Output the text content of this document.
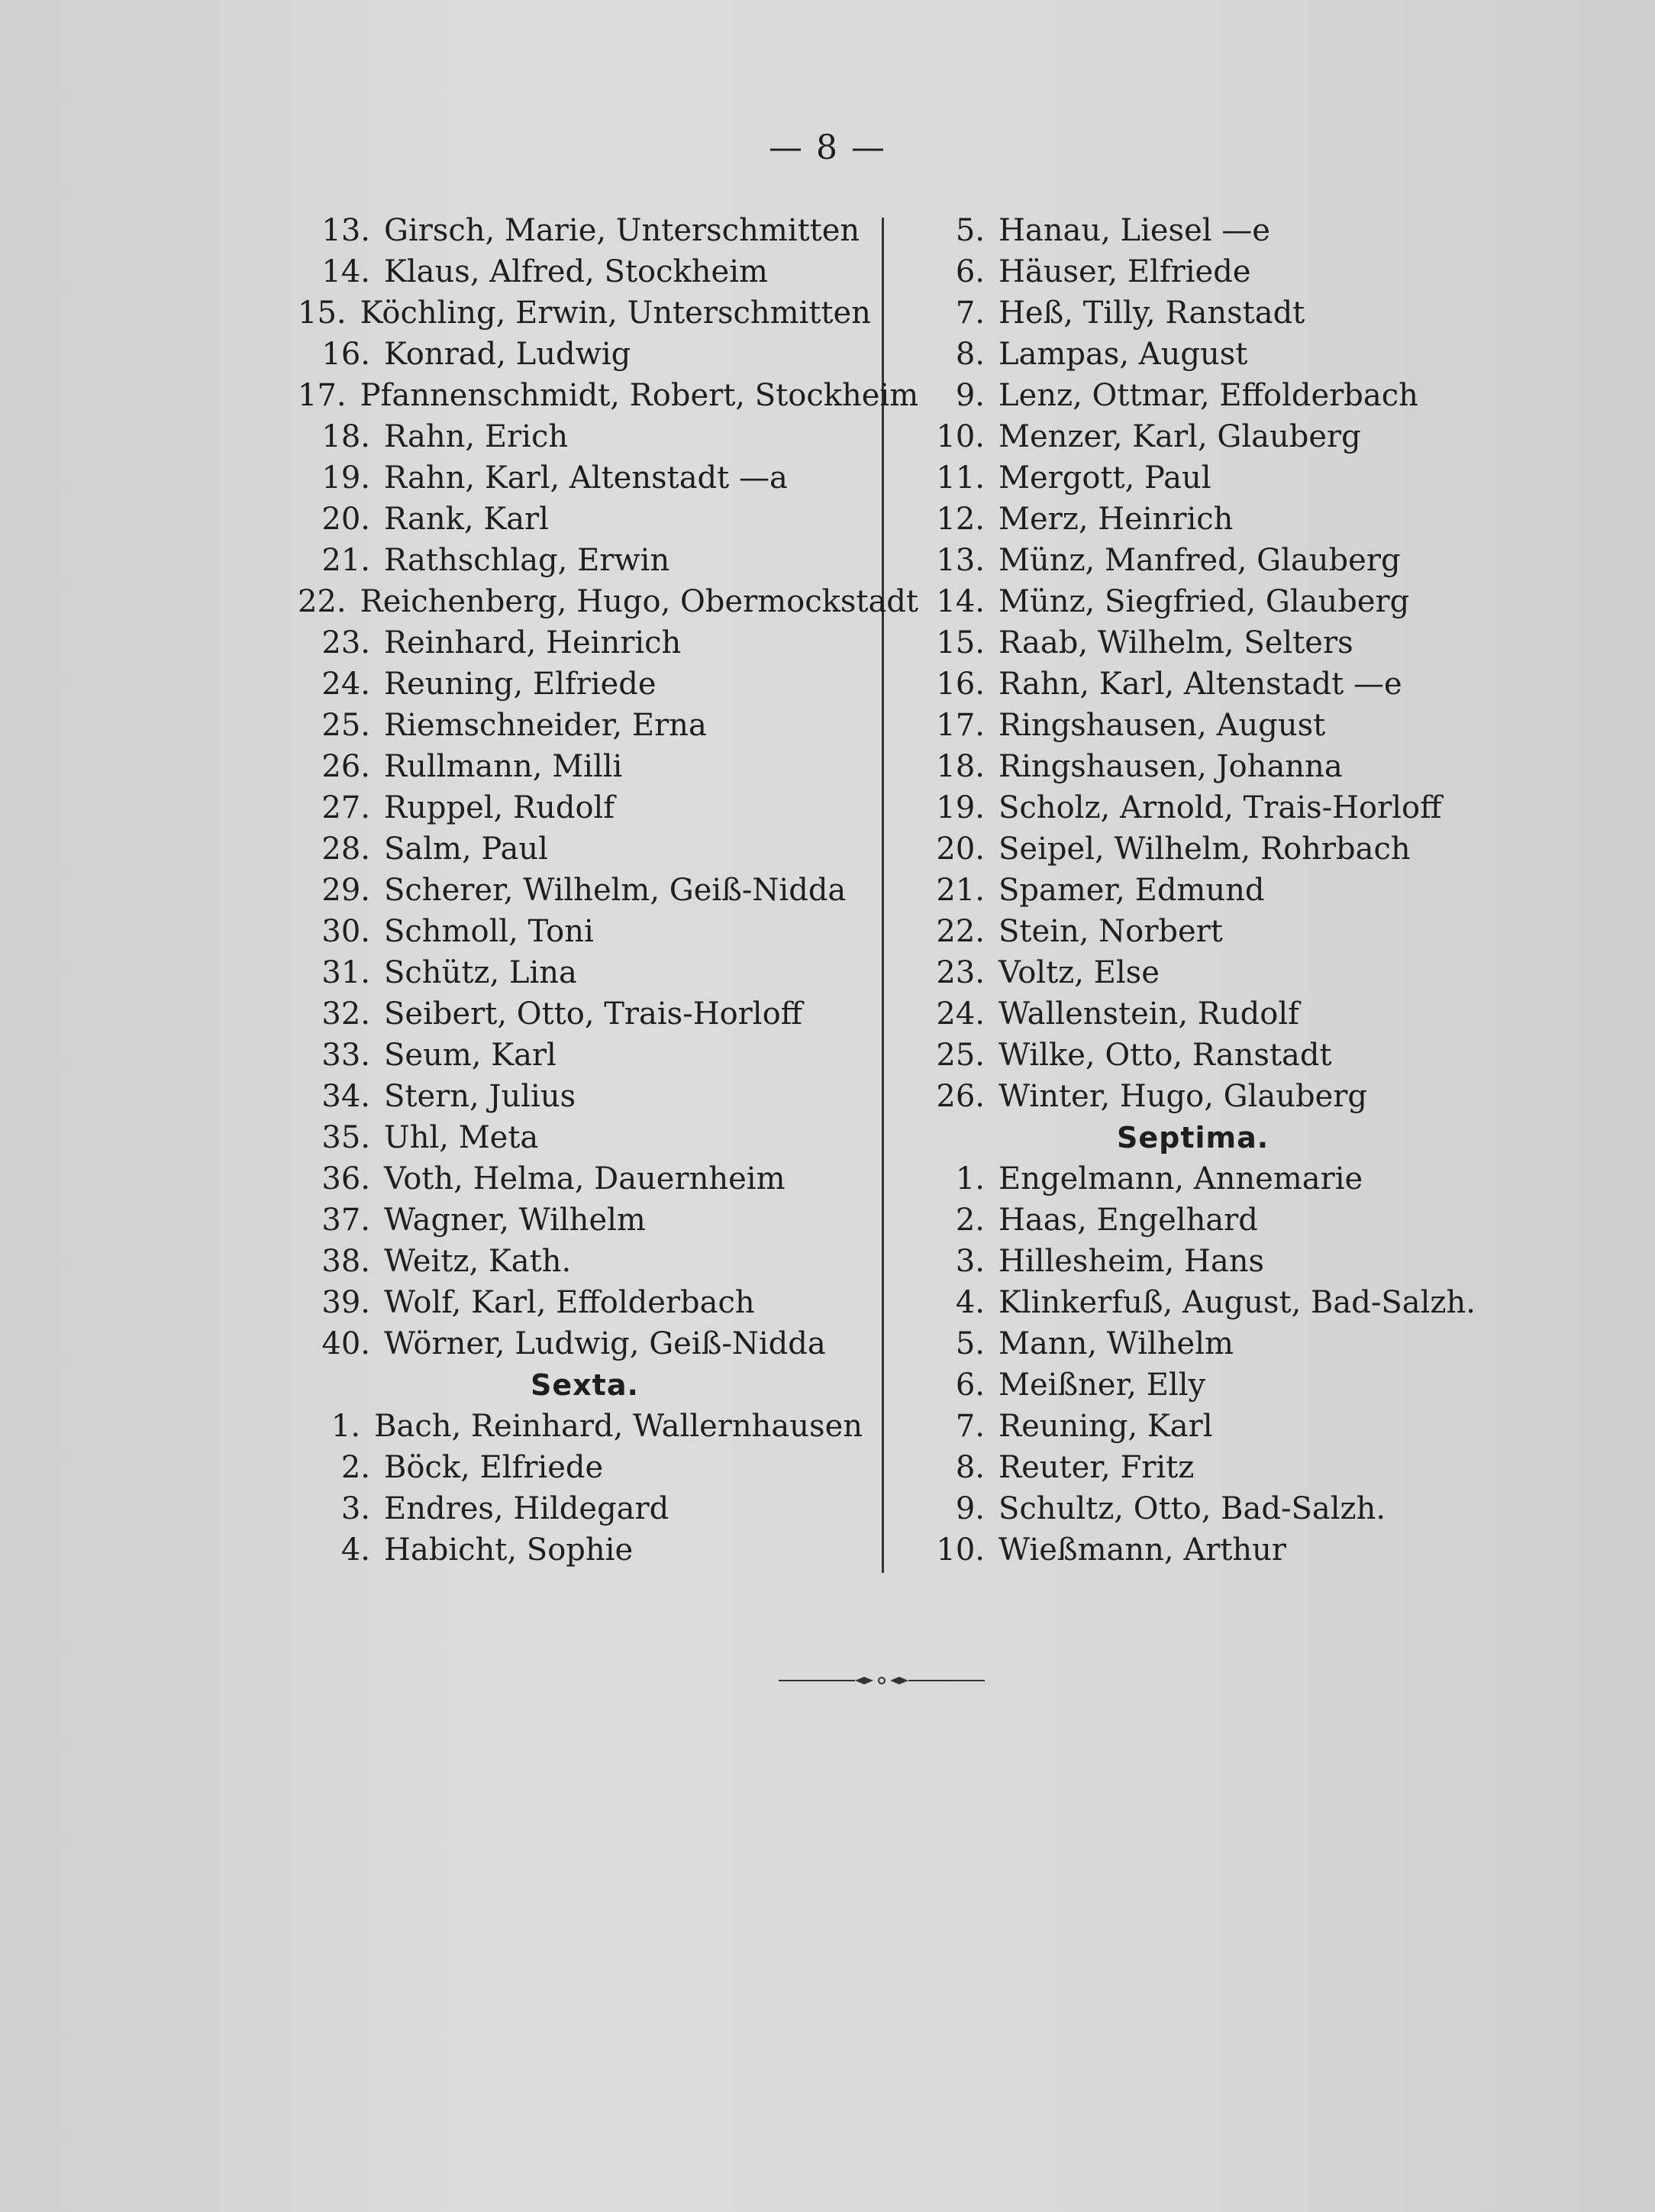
— 8 —
13. Girsch, Marie, Unterschmitten
14. Klaus, Alfred, Stockheim
15. Köchling, Erwin, Unterschmitten
16. Konrad, Ludwig
17. Pfannenschmidt, Robert, Stockheim
18. Rahn, Erich
19. Rahn, Karl, Altenstadt —a
20. Rank, Karl
21. Rathschlag, Erwin
22. Reichenberg, Hugo, Obermockstadt
23. Reinhard, Heinrich
24. Reuning, Elfriede
25. Riemschneider, Erna
26. Rullmann, Milli
27. Ruppel, Rudolf
28. Salm, Paul
29. Scherer, Wilhelm, Geiß-Nidda
30. Schmoll, Toni
31. Schütz, Lina
32. Seibert, Otto, Trais-Horloff
33. Seum, Karl
34. Stern, Julius
35. Uhl, Meta
36. Voth, Helma, Dauernheim
37. Wagner, Wilhelm
38. Weitz, Kath.
39. Wolf, Karl, Effolderbach
40. Wörner, Ludwig, Geiß-Nidda
Sexta.
1. Bach, Reinhard, Wallernhausen
2. Böck, Elfriede
3. Endres, Hildegard
4. Habicht, Sophie
5. Hanau, Liesel —e
6. Häuser, Elfriede
7. Heß, Tilly, Ranstadt
8. Lampas, August
9. Lenz, Ottmar, Effolderbach
10. Menzer, Karl, Glauberg
11. Mergott, Paul
12. Merz, Heinrich
13. Münz, Manfred, Glauberg
14. Münz, Siegfried, Glauberg
15. Raab, Wilhelm, Selters
16. Rahn, Karl, Altenstadt —e
17. Ringshausen, August
18. Ringshausen, Johanna
19. Scholz, Arnold, Trais-Horloff
20. Seipel, Wilhelm, Rohrbach
21. Spamer, Edmund
22. Stein, Norbert
23. Voltz, Else
24. Wallenstein, Rudolf
25. Wilke, Otto, Ranstadt
26. Winter, Hugo, Glauberg
Septima.
1. Engelmann, Annemarie
2. Haas, Engelhard
3. Hillesheim, Hans
4. Klinkerfuß, August, Bad-Salzh.
5. Mann, Wilhelm
6. Meißner, Elly
7. Reuning, Karl
8. Reuter, Fritz
9. Schultz, Otto, Bad-Salzh.
10. Wießmann, Arthur
